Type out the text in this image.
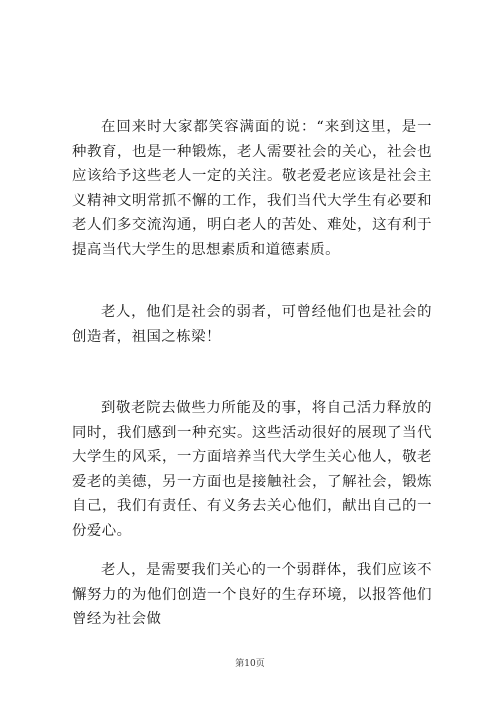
在回来时大家都笑容满面的说：“来到这里，是一种教育，也是一种锻炼，老人需要社会的关心，社会也应该给予这些老人一定的关注。敬老爱老应该是社会主义精神文明常抓不懈的工作，我们当代大学生有必要和老人们多交流沟通，明白老人的苦处、难处，这有利于提高当代大学生的思想素质和道德素质。

老人，他们是社会的弱者，可曾经他们也是社会的创造者，祖国之栋梁！

到敬老院去做些力所能及的事，将自己活力释放的同时，我们感到一种充实。这些活动很好的展现了当代大学生的风采，一方面培养当代大学生关心他人，敬老爱老的美德，另一方面也是接触社会，了解社会，锻炼自己，我们有责任、有义务去关心他们，献出自己的一份爱心。

老人，是需要我们关心的一个弱群体，我们应该不懈努力的为他们创造一个良好的生存环境，以报答他们曾经为社会做

第10页
